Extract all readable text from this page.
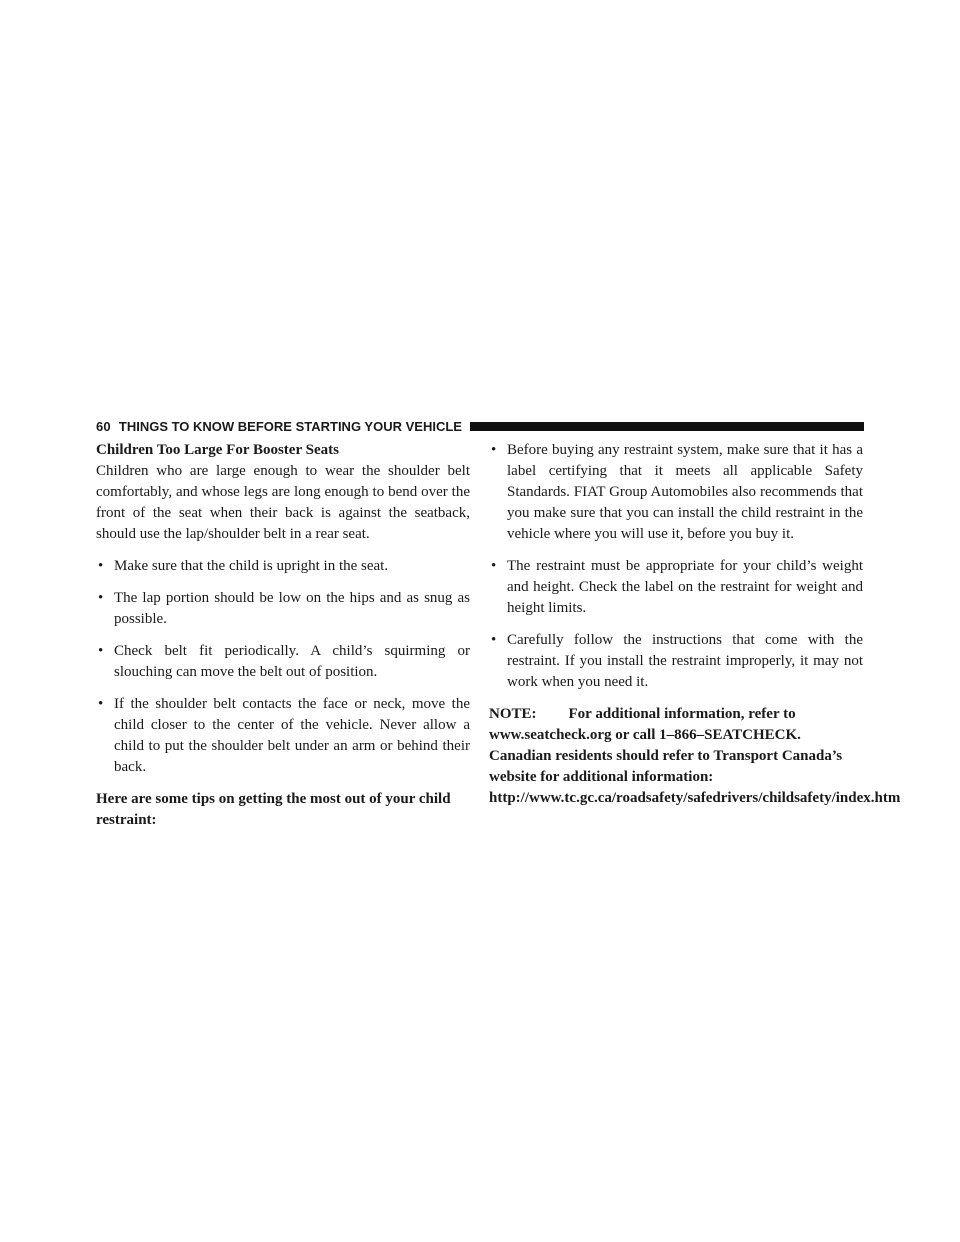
60 THINGS TO KNOW BEFORE STARTING YOUR VEHICLE

Children Too Large For Booster Seats

Children who are large enough to wear the shoulder belt comfortably, and whose legs are long enough to bend over the front of the seat when their back is against the seatback, should use the lap/shoulder belt in a rear seat.

• Make sure that the child is upright in the seat.
• The lap portion should be low on the hips and as snug as possible.
• Check belt fit periodically. A child’s squirming or slouching can move the belt out of position.
• If the shoulder belt contacts the face or neck, move the child closer to the center of the vehicle. Never allow a child to put the shoulder belt under an arm or behind their back.

Here are some tips on getting the most out of your child restraint:

• Before buying any restraint system, make sure that it has a label certifying that it meets all applicable Safety Standards. FIAT Group Automobiles also recommends that you make sure that you can install the child restraint in the vehicle where you will use it, before you buy it.
• The restraint must be appropriate for your child’s weight and height. Check the label on the restraint for weight and height limits.
• Carefully follow the instructions that come with the restraint. If you install the restraint improperly, it may not work when you need it.

NOTE: For additional information, refer to www.seatcheck.org or call 1–866–SEATCHECK. Canadian residents should refer to Transport Canada’s website for additional information: http://www.tc.gc.ca/roadsafety/safedrivers/childsafety/index.htm
